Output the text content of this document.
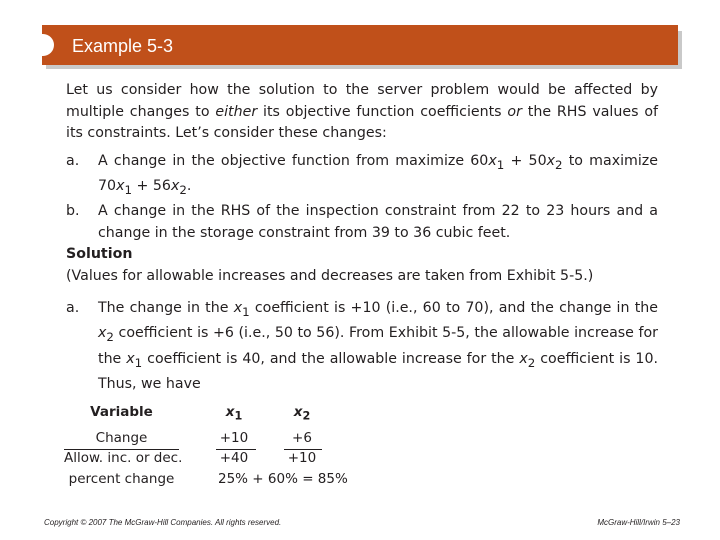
Example 5-3

Let us consider how the solution to the server problem would be affected by multiple changes to either its objective function coefficients or the RHS values of its constraints. Let’s consider these changes:

a.	A change in the objective function from maximize $60x_1 + 50x_2$ to maximize $70x_1 + 56x_2$.
b.	A change in the RHS of the inspection constraint from 22 to 23 hours and a change in the storage constraint from 39 to 36 cubic feet.

Solution

(Values for allowable increases and decreases are taken from Exhibit 5-5.)

a.	The change in the $x_1$ coefficient is +10 (i.e., 60 to 70), and the change in the $x_2$ coefficient is +6 (i.e., 50 to 56). From Exhibit 5-5, the allowable increase for the $x_1$ coefficient is 40, and the allowable increase for the $x_2$ coefficient is 10. Thus, we have
Variable	$x_1$	$x_2$
Change	+10	+6
Allow. inc. or dec.	+40	+10
percent change	25% + 60% = 85%
Copyright © 2007 The McGraw-Hill Companies. All rights reserved.	McGraw-Hill/Irwin 5–23
